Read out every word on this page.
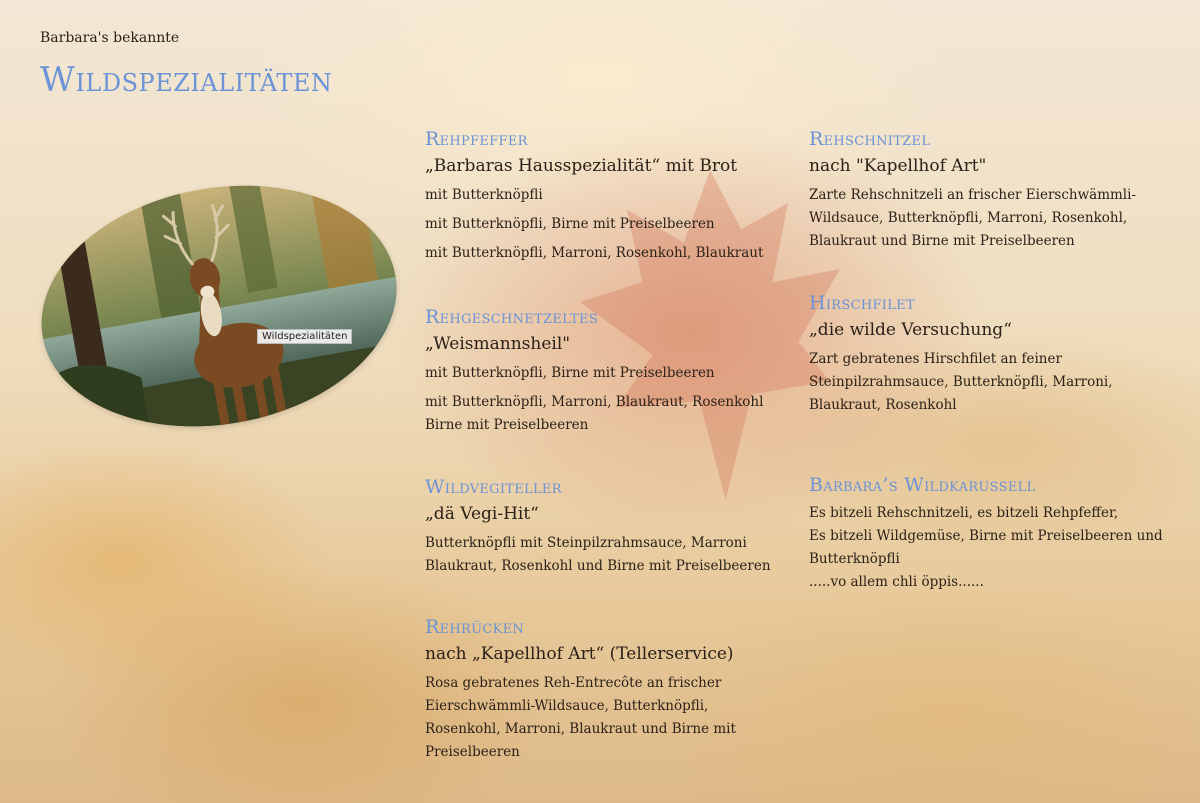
Barbara's bekannte
Wildspezialitäten
Wildspezialitäten
Rehpfeffer

„Barbaras Hausspezialität“ mit Brot

mit Butterknöpfli

mit Butterknöpfli, Birne mit Preiselbeeren

mit Butterknöpfli, Marroni, Rosenkohl, Blaukraut

Rehgeschnetzeltes

„Weismannsheil"

mit Butterknöpfli, Birne mit Preiselbeeren

mit Butterknöpfli, Marroni, Blaukraut, Rosenkohl Birne mit Preiselbeeren

Wildvegiteller

„dä Vegi-Hit“

Butterknöpfli mit Steinpilzrahmsauce, Marroni Blaukraut, Rosenkohl und Birne mit Preiselbeeren

Rehrücken

nach „Kapellhof Art“ (Tellerservice)

Rosa gebratenes Reh-Entrecôte an frischer Eierschwämmli-Wildsauce, Butterknöpfli, Rosenkohl, Marroni, Blaukraut und Birne mit Preiselbeeren

Rehschnitzel

nach "Kapellhof Art"

Zarte Rehschnitzeli an frischer Eierschwämmli-Wildsauce, Butterknöpfli, Marroni, Rosenkohl, Blaukraut und Birne mit Preiselbeeren

Hirschfilet

„die wilde Versuchung“

Zart gebratenes Hirschfilet an feiner Steinpilzrahmsauce, Butterknöpfli, Marroni, Blaukraut, Rosenkohl

Barbara’s Wildkarussell

Es bitzeli Rehschnitzeli, es bitzeli Rehpfeffer,

Es bitzeli Wildgemüse, Birne mit Preiselbeeren und Butterknöpfli

.....vo allem chli öppis......
